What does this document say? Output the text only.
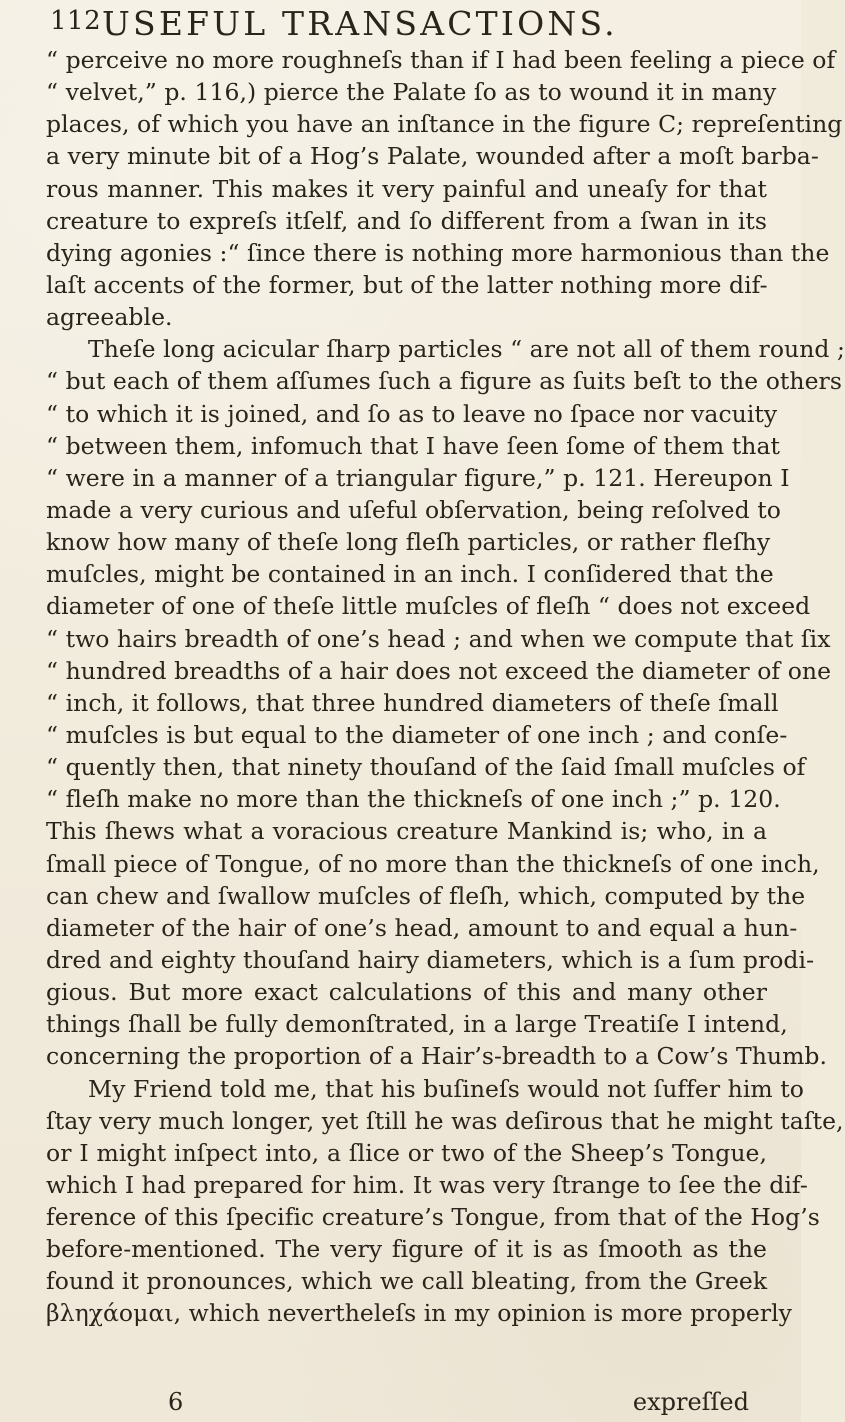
112 USEFUL TRANSACTIONS.
“ perceive no more roughneſs than if I had been feeling a piece of
“ velvet,” p. 116,) pierce the Palate ſo as to wound it in many
places, of which you have an inſtance in the figure C; repreſenting
a very minute bit of a Hog’s Palate, wounded after a moſt barba-
rous manner. This makes it very painful and uneaſy for that
creature to expreſs itſelf, and ſo different from a ſwan in its
dying agonies :“ ſince there is nothing more harmonious than the
laſt accents of the former, but of the latter nothing more dif-
agreeable.
Theſe long acicular ſharp particles “ are not all of them round ;
“ but each of them aſſumes ſuch a figure as ſuits beſt to the others
“ to which it is joined, and ſo as to leave no ſpace nor vacuity
“ between them, infomuch that I have ſeen ſome of them that
“ were in a manner of a triangular figure,” p. 121. Hereupon I
made a very curious and uſeful obſervation, being reſolved to
know how many of theſe long fleſh particles, or rather fleſhy
muſcles, might be contained in an inch. I conſidered that the
diameter of one of theſe little muſcles of fleſh “ does not exceed
“ two hairs breadth of one’s head ; and when we compute that ſix
“ hundred breadths of a hair does not exceed the diameter of one
“ inch, it follows, that three hundred diameters of theſe ſmall
“ muſcles is but equal to the diameter of one inch ; and conſe-
“ quently then, that ninety thouſand of the ſaid ſmall muſcles of
“ fleſh make no more than the thickneſs of one inch ;” p. 120.
This ſhews what a voracious creature Mankind is; who, in a
ſmall piece of Tongue, of no more than the thickneſs of one inch,
can chew and ſwallow muſcles of fleſh, which, computed by the
diameter of the hair of one’s head, amount to and equal a hun-
dred and eighty thouſand hairy diameters, which is a ſum prodi-
gious. But more exact calculations of this and many other
things ſhall be fully demonſtrated, in a large Treatiſe I intend,
concerning the proportion of a Hair’s-breadth to a Cow’s Thumb.
My Friend told me, that his buſineſs would not ſuffer him to
ſtay very much longer, yet ſtill he was deſirous that he might taſte,
or I might inſpect into, a ſlice or two of the Sheep’s Tongue,
which I had prepared for him. It was very ſtrange to ſee the dif-
ference of this ſpecific creature’s Tongue, from that of the Hog’s
before-mentioned. The very figure of it is as ſmooth as the
found it pronounces, which we call bleating, from the Greek
βληχάομαι, which nevertheleſs in my opinion is more properly
6	expreſſed
